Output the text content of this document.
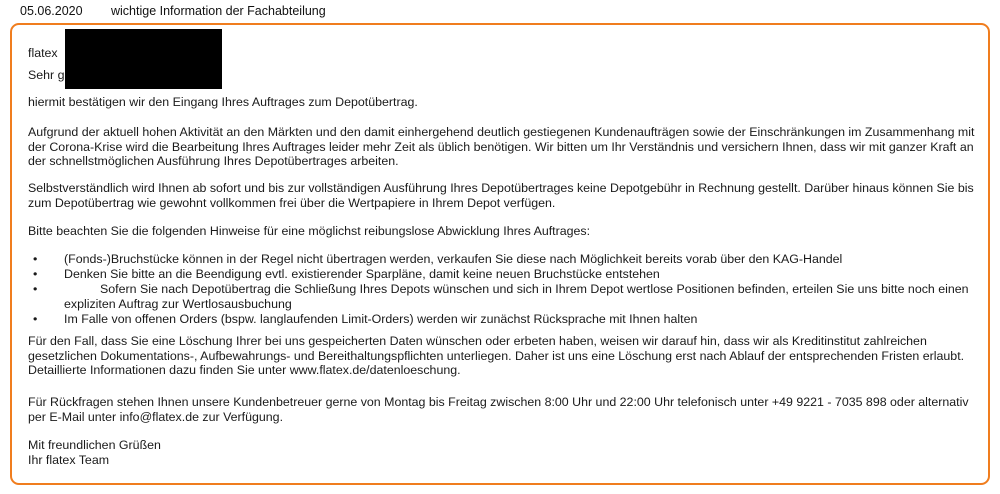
05.06.2020 wichtige Information der Fachabteilung
flatex
Sehr g
hiermit bestätigen wir den Eingang Ihres Auftrages zum Depotübertrag.
Aufgrund der aktuell hohen Aktivität an den Märkten und den damit einhergehend deutlich gestiegenen Kundenaufträgen sowie der Einschränkungen im Zusammenhang mit der Corona-Krise wird die Bearbeitung Ihres Auftrages leider mehr Zeit als üblich benötigen. Wir bitten um Ihr Verständnis und versichern Ihnen, dass wir mit ganzer Kraft an der schnellstmöglichen Ausführung Ihres Depotübertrages arbeiten.
Selbstverständlich wird Ihnen ab sofort und bis zur vollständigen Ausführung Ihres Depotübertrages keine Depotgebühr in Rechnung gestellt. Darüber hinaus können Sie bis zum Depotübertrag wie gewohnt vollkommen frei über die Wertpapiere in Ihrem Depot verfügen.
Bitte beachten Sie die folgenden Hinweise für eine möglichst reibungslose Abwicklung Ihres Auftrages:
• (Fonds-)Bruchstücke können in der Regel nicht übertragen werden, verkaufen Sie diese nach Möglichkeit bereits vorab über den KAG-Handel
• Denken Sie bitte an die Beendigung evtl. existierender Sparpläne, damit keine neuen Bruchstücke entstehen
•	Sofern Sie nach Depotübertrag die Schließung Ihres Depots wünschen und sich in Ihrem Depot wertlose Positionen befinden, erteilen Sie uns bitte noch einen expliziten Auftrag zur Wertlosausbuchung
• Im Falle von offenen Orders (bspw. langlaufenden Limit-Orders) werden wir zunächst Rücksprache mit Ihnen halten
Für den Fall, dass Sie eine Löschung Ihrer bei uns gespeicherten Daten wünschen oder erbeten haben, weisen wir darauf hin, dass wir als Kreditinstitut zahlreichen gesetzlichen Dokumentations-, Aufbewahrungs- und Bereithaltungspflichten unterliegen. Daher ist uns eine Löschung erst nach Ablauf der entsprechenden Fristen erlaubt. Detaillierte Informationen dazu finden Sie unter www.flatex.de/datenloeschung.
Für Rückfragen stehen Ihnen unsere Kundenbetreuer gerne von Montag bis Freitag zwischen 8:00 Uhr und 22:00 Uhr telefonisch unter +49 9221 - 7035 898 oder alternativ per E-Mail unter info@flatex.de zur Verfügung.
Mit freundlichen Grüßen
Ihr flatex Team
